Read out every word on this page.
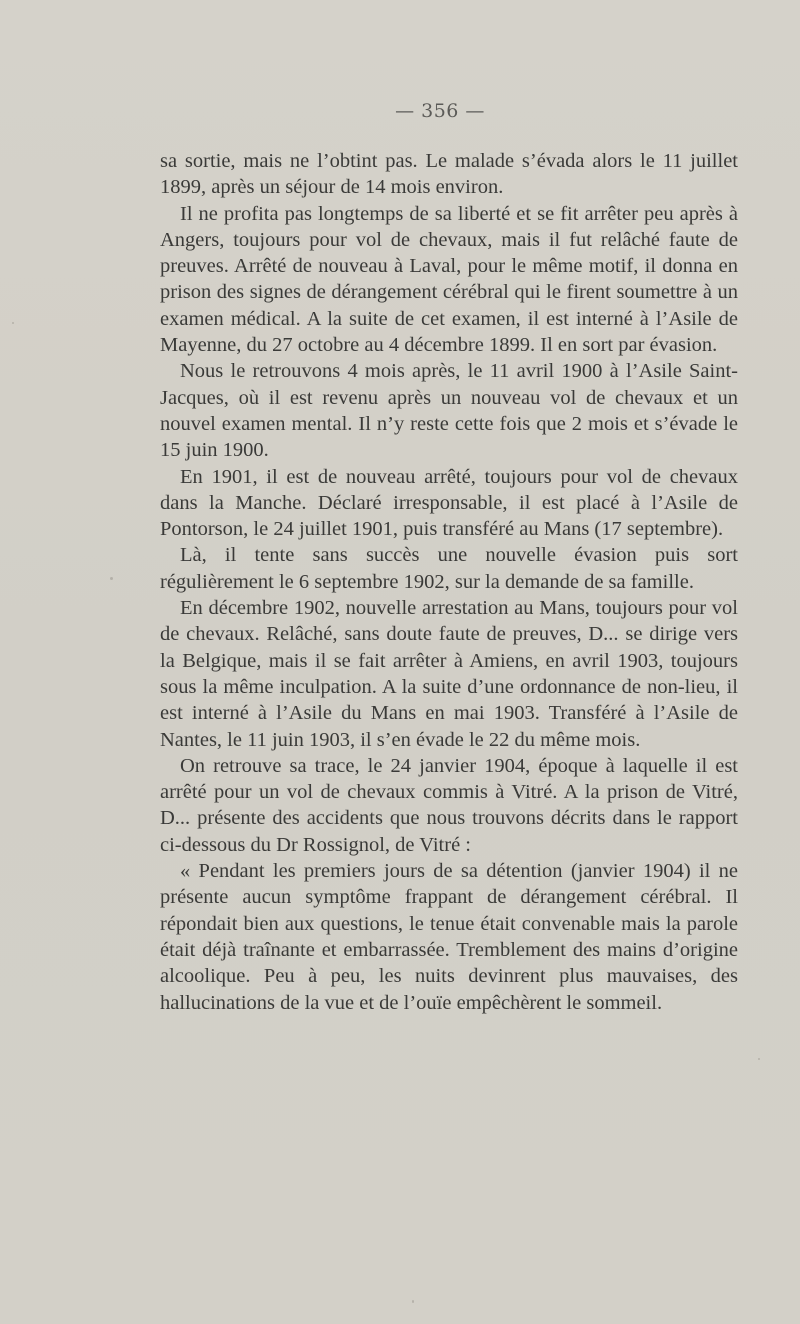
— 356 —

sa sortie, mais ne l’obtint pas. Le malade s’évada alors le 11 juillet 1899, après un séjour de 14 mois environ.

Il ne profita pas longtemps de sa liberté et se fit arrêter peu après à Angers, toujours pour vol de chevaux, mais il fut relâché faute de preuves. Arrêté de nouveau à Laval, pour le même motif, il donna en prison des signes de dérangement cérébral qui le firent soumettre à un examen médical. A la suite de cet examen, il est interné à l’Asile de Mayenne, du 27 octobre au 4 décembre 1899. Il en sort par évasion.

Nous le retrouvons 4 mois après, le 11 avril 1900 à l’Asile Saint-Jacques, où il est revenu après un nouveau vol de chevaux et un nouvel examen mental. Il n’y reste cette fois que 2 mois et s’évade le 15 juin 1900.

En 1901, il est de nouveau arrêté, toujours pour vol de chevaux dans la Manche. Déclaré irresponsable, il est placé à l’Asile de Pontorson, le 24 juillet 1901, puis transféré au Mans (17 septembre).

Là, il tente sans succès une nouvelle évasion puis sort régulièrement le 6 septembre 1902, sur la demande de sa famille.

En décembre 1902, nouvelle arrestation au Mans, toujours pour vol de chevaux. Relâché, sans doute faute de preuves, D... se dirige vers la Belgique, mais il se fait arrêter à Amiens, en avril 1903, toujours sous la même inculpation. A la suite d’une ordonnance de non-lieu, il est interné à l’Asile du Mans en mai 1903. Transféré à l’Asile de Nantes, le 11 juin 1903, il s’en évade le 22 du même mois.

On retrouve sa trace, le 24 janvier 1904, époque à laquelle il est arrêté pour un vol de chevaux commis à Vitré. A la prison de Vitré, D... présente des accidents que nous trouvons décrits dans le rapport ci-dessous du Dr Rossignol, de Vitré :

« Pendant les premiers jours de sa détention (janvier 1904) il ne présente aucun symptôme frappant de dérangement cérébral. Il répondait bien aux questions, le tenue était convenable mais la parole était déjà traînante et embarrassée. Tremblement des mains d’origine alcoolique. Peu à peu, les nuits devinrent plus mauvaises, des hallucinations de la vue et de l’ouïe empêchèrent le sommeil.
